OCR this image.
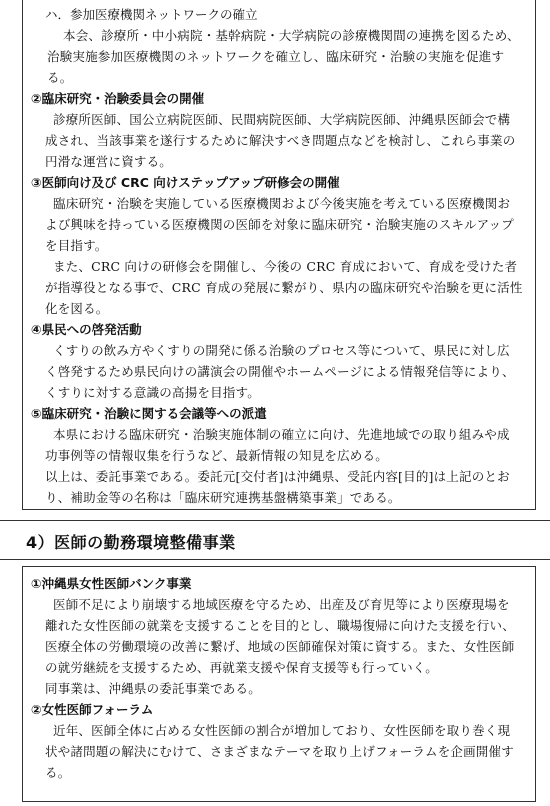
ハ．参加医療機関ネットワークの確立
本会、診療所・中小病院・基幹病院・大学病院の診療機関間の連携を図るため、
治験実施参加医療機関のネットワークを確立し、臨床研究・治験の実施を促進す
る。
②臨床研究・治験委員会の開催
診療所医師、国公立病院医師、民間病院医師、大学病院医師、沖縄県医師会で構
成され、当該事業を遂行するために解決すべき問題点などを検討し、これら事業の
円滑な運営に資する。
③医師向け及び CRC 向けステップアップ研修会の開催
臨床研究・治験を実施している医療機関および今後実施を考えている医療機関お
よび興味を持っている医療機関の医師を対象に臨床研究・治験実施のスキルアップ
を目指す。
また、CRC 向けの研修会を開催し、今後の CRC 育成において、育成を受けた者
が指導役となる事で、CRC 育成の発展に繋がり、県内の臨床研究や治験を更に活性
化を図る。
④県民への啓発活動
くすりの飲み方やくすりの開発に係る治験のプロセス等について、県民に対し広
く啓発するため県民向けの講演会の開催やホームページによる情報発信等により、
くすりに対する意識の高揚を目指す。
⑤臨床研究・治験に関する会議等への派遣
本県における臨床研究・治験実施体制の確立に向け、先進地域での取り組みや成
功事例等の情報収集を行うなど、最新情報の知見を広める。
以上は、委託事業である。委託元[交付者]は沖縄県、受託内容[目的]は上記のとお
り、補助金等の名称は「臨床研究連携基盤構築事業」である。
4）医師の勤務環境整備事業
①沖縄県女性医師バンク事業
医師不足により崩壊する地域医療を守るため、出産及び育児等により医療現場を
離れた女性医師の就業を支援することを目的とし、職場復帰に向けた支援を行い、
医療全体の労働環境の改善に繋げ、地域の医師確保対策に資する。また、女性医師
の就労継続を支援するため、再就業支援や保育支援等も行っていく。
同事業は、沖縄県の委託事業である。
②女性医師フォーラム
近年、医師全体に占める女性医師の割合が増加しており、女性医師を取り巻く現
状や諸問題の解決にむけて、さまざまなテーマを取り上げフォーラムを企画開催す
る。
